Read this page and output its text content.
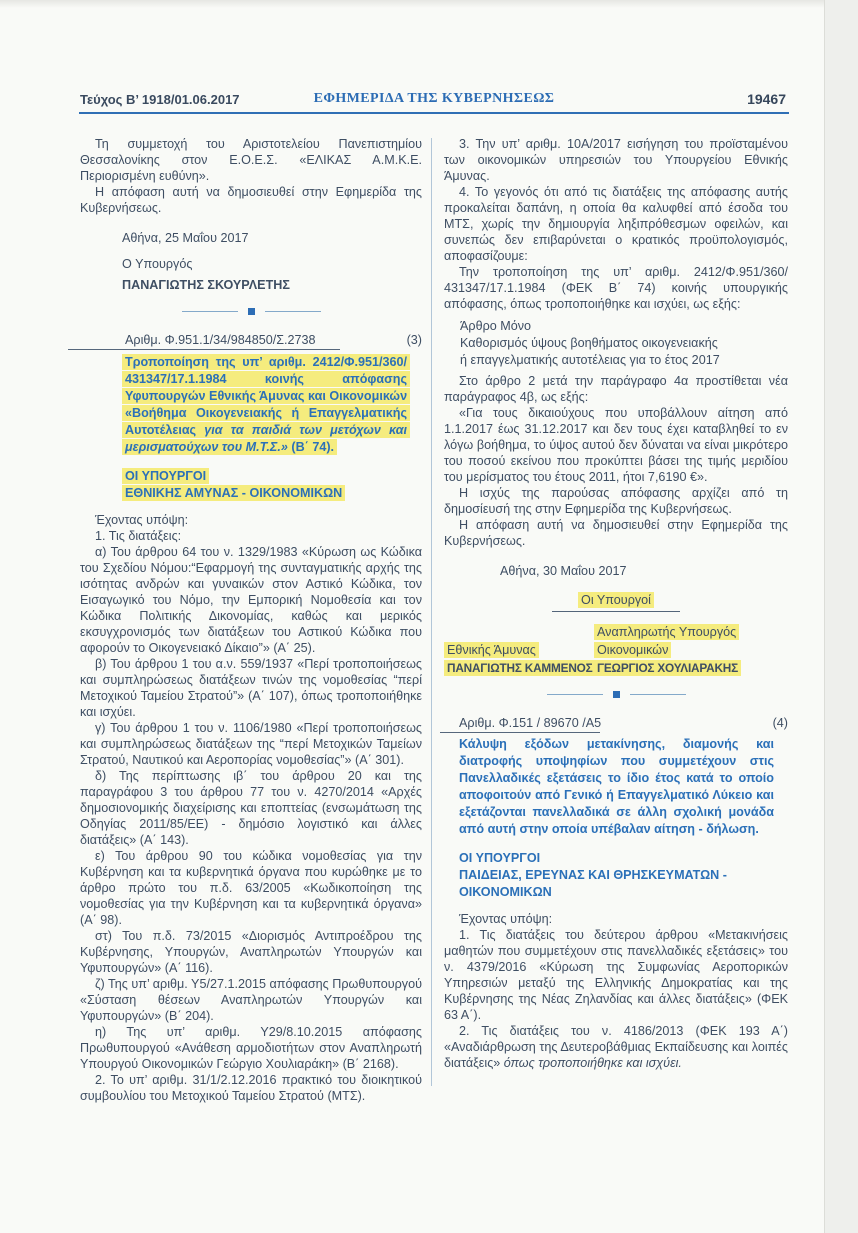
Τεύχος Β’ 1918/01.06.2017	ΕΦΗΜΕΡΙΔΑ ΤΗΣ ΚΥΒΕΡΝΗΣΕΩΣ	19467

Τη συμμετοχή του Αριστοτελείου Πανεπιστημίου Θεσσαλονίκης στον Ε.Ο.Ε.Σ. «ΕΛΙΚΑΣ Α.Μ.Κ.Ε. Περιορισμένη ευθύνη».

Η απόφαση αυτή να δημοσιευθεί στην Εφημερίδα της Κυβερνήσεως.

Αθήνα, 25 Μαΐου 2017

Ο Υπουργός

ΠΑΝΑΓΙΩΤΗΣ ΣΚΟΥΡΛΕΤΗΣ

Αριθμ. Φ.951.1/34/984850/Σ.2738	(3)

Τροποποίηση της υπ’ αριθμ. 2412/Φ.951/360/ 431347/17.1.1984 κοινής απόφασης Υφυπουργών Εθνικής Άμυνας και Οικονομικών «Βοήθημα Οικογενειακής ή Επαγγελματικής Αυτοτέλειας για τα παιδιά των μετόχων και μερισματούχων του Μ.Τ.Σ.» (Β΄ 74).

ΟΙ ΥΠΟΥΡΓΟΙ

ΕΘΝΙΚΗΣ ΑΜΥΝΑΣ - ΟΙΚΟΝΟΜΙΚΩΝ

Έχοντας υπόψη:

1. Τις διατάξεις:

α) Του άρθρου 64 του ν. 1329/1983 «Κύρωση ως Κώδικα του Σχεδίου Νόμου:“Εφαρμογή της συνταγματικής αρχής της ισότητας ανδρών και γυναικών στον Αστικό Κώδικα, τον Εισαγωγικό του Νόμο, την Εμπορική Νομοθεσία και τον Κώδικα Πολιτικής Δικονομίας, καθώς και μερικός εκσυγχρονισμός των διατάξεων του Αστικού Κώδικα που αφορούν το Οικογενειακό Δίκαιο”» (Α΄ 25).

β) Του άρθρου 1 του α.ν. 559/1937 «Περί τροποποιήσεως και συμπληρώσεως διατάξεων τινών της νομοθεσίας “περί Μετοχικού Ταμείου Στρατού”» (Α΄ 107), όπως τροποποιήθηκε και ισχύει.

γ) Του άρθρου 1 του ν. 1106/1980 «Περί τροποποιήσεως και συμπληρώσεως διατάξεων της “περί Μετοχικών Ταμείων Στρατού, Ναυτικού και Αεροπορίας νομοθεσίας”» (Α΄ 301).

δ) Της περίπτωσης ιβ΄ του άρθρου 20 και της παραγράφου 3 του άρθρου 77 του ν. 4270/2014 «Αρχές δημοσιονομικής διαχείρισης και εποπτείας (ενσωμάτωση της Οδηγίας 2011/85/ΕΕ) - δημόσιο λογιστικό και άλλες διατάξεις» (Α΄ 143).

ε) Του άρθρου 90 του κώδικα νομοθεσίας για την Κυβέρνηση και τα κυβερνητικά όργανα που κυρώθηκε με το άρθρο πρώτο του π.δ. 63/2005 «Κωδικοποίηση της νομοθεσίας για την Κυβέρνηση και τα κυβερνητικά όργανα» (Α΄ 98).

στ) Του π.δ. 73/2015 «Διορισμός Αντιπροέδρου της Κυβέρνησης, Υπουργών, Αναπληρωτών Υπουργών και Υφυπουργών» (Α΄ 116).

ζ) Της υπ’ αριθμ. Υ5/27.1.2015 απόφασης Πρωθυπουργού «Σύσταση θέσεων Αναπληρωτών Υπουργών και Υφυπουργών» (Β΄ 204).

η) Της υπ’ αριθμ. Υ29/8.10.2015 απόφασης Πρωθυπουργού «Ανάθεση αρμοδιοτήτων στον Αναπληρωτή Υπουργού Οικονομικών Γεώργιο Χουλιαράκη» (Β΄ 2168).

2. Το υπ’ αριθμ. 31/1/2.12.2016 πρακτικό του διοικητικού συμβουλίου του Μετοχικού Ταμείου Στρατού (ΜΤΣ).

3. Την υπ’ αριθμ. 10Α/2017 εισήγηση του προϊσταμένου των οικονομικών υπηρεσιών του Υπουργείου Εθνικής Άμυνας.

4. Το γεγονός ότι από τις διατάξεις της απόφασης αυτής προκαλείται δαπάνη, η οποία θα καλυφθεί από έσοδα του ΜΤΣ, χωρίς την δημιουργία ληξιπρόθεσμων οφειλών, και συνεπώς δεν επιβαρύνεται ο κρατικός προϋπολογισμός, αποφασίζουμε:

Την τροποποίηση της υπ’ αριθμ. 2412/Φ.951/360/ 431347/17.1.1984 (ΦΕΚ Β΄ 74) κοινής υπουργικής απόφασης, όπως τροποποιήθηκε και ισχύει, ως εξής:

Άρθρο Μόνο

Καθορισμός ύψους βοηθήματος οικογενειακής

ή επαγγελματικής αυτοτέλειας για το έτος 2017

Στο άρθρο 2 μετά την παράγραφο 4α προστίθεται νέα παράγραφος 4β, ως εξής:

«Για τους δικαιούχους που υποβάλλουν αίτηση από 1.1.2017 έως 31.12.2017 και δεν τους έχει καταβληθεί το εν λόγω βοήθημα, το ύψος αυτού δεν δύναται να είναι μικρότερο του ποσού εκείνου που προκύπτει βάσει της τιμής μεριδίου του μερίσματος του έτους 2011, ήτοι 7,6190 €».

Η ισχύς της παρούσας απόφασης αρχίζει από τη δημοσίευσή της στην Εφημερίδα της Κυβερνήσεως.

Η απόφαση αυτή να δημοσιευθεί στην Εφημερίδα της Κυβερνήσεως.

Αθήνα, 30 Μαΐου 2017

Οι Υπουργοί
Αναπληρωτής Υπουργός
Εθνικής Άμυνας	Οικονομικών
ΠΑΝΑΓΙΩΤΗΣ ΚΑΜΜΕΝΟΣ ΓΕΩΡΓΙΟΣ ΧΟΥΛΙΑΡΑΚΗΣ
Αριθμ. Φ.151 / 89670 /Α5	(4)

Κάλυψη εξόδων μετακίνησης, διαμονής και διατροφής υποψηφίων που συμμετέχουν στις Πανελλαδικές εξετάσεις το ίδιο έτος κατά το οποίο αποφοιτούν από Γενικό ή Επαγγελματικό Λύκειο και εξετάζονται πανελλαδικά σε άλλη σχολική μονάδα από αυτή στην οποία υπέβαλαν αίτηση - δήλωση.

ΟΙ ΥΠΟΥΡΓΟΙ

ΠΑΙΔΕΙΑΣ, ΕΡΕΥΝΑΣ ΚΑΙ ΘΡΗΣΚΕΥΜΑΤΩΝ - ΟΙΚΟΝΟΜΙΚΩΝ

Έχοντας υπόψη:

1. Τις διατάξεις του δεύτερου άρθρου «Μετακινήσεις μαθητών που συμμετέχουν στις πανελλαδικές εξετάσεις» του ν. 4379/2016 «Κύρωση της Συμφωνίας Αεροπορικών Υπηρεσιών μεταξύ της Ελληνικής Δημοκρατίας και της Κυβέρνησης της Νέας Ζηλανδίας και άλλες διατάξεις» (ΦΕΚ 63 Α΄).

2. Τις διατάξεις του ν. 4186/2013 (ΦΕΚ 193 Α΄) «Αναδιάρθρωση της Δευτεροβάθμιας Εκπαίδευσης και λοιπές διατάξεις» όπως τροποποιήθηκε και ισχύει.
